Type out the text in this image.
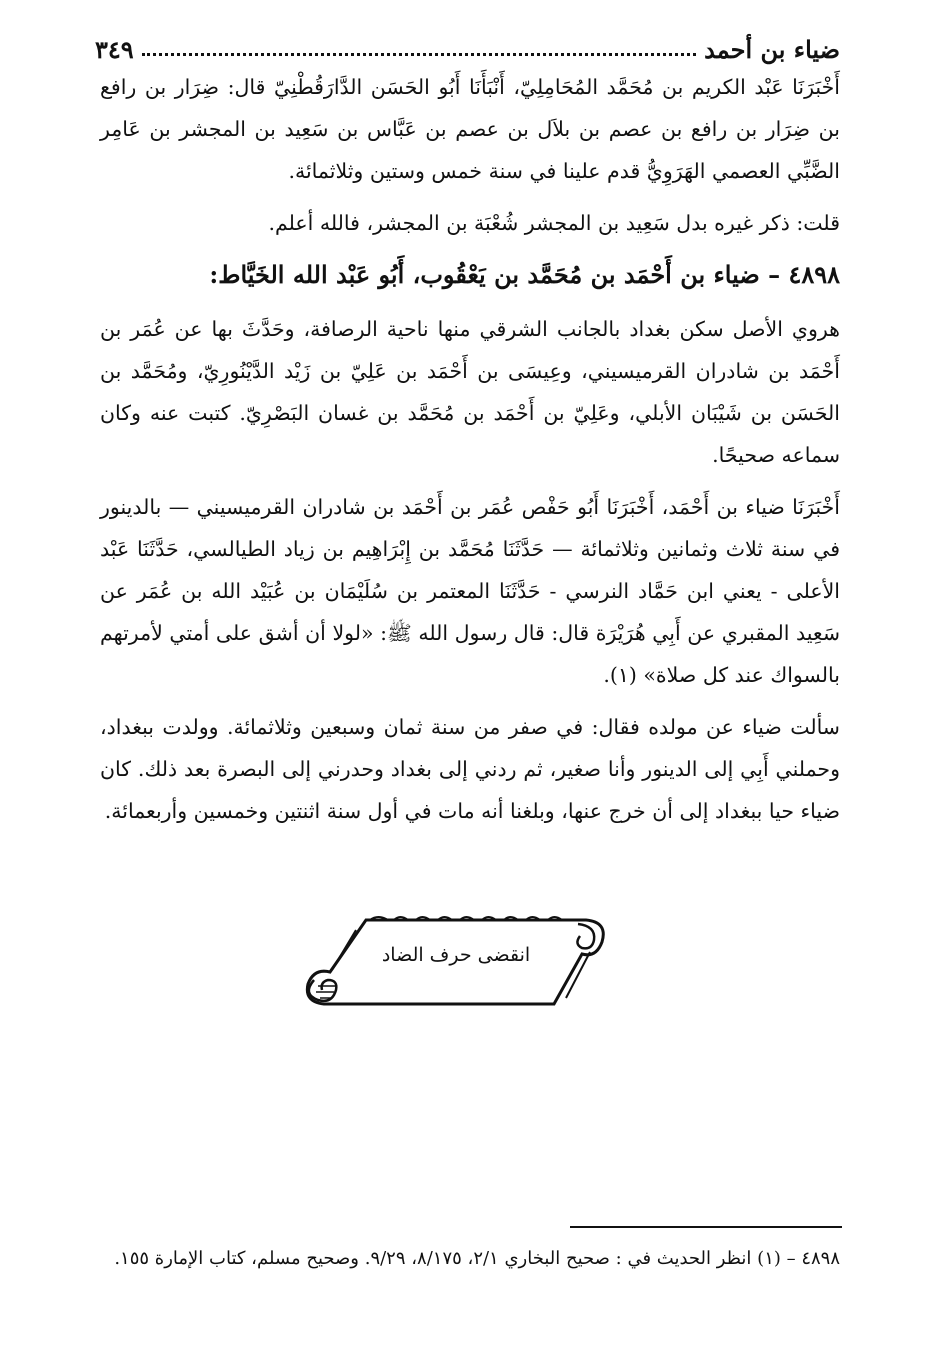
ضياء بن أحمد
٣٤٩

أَخْبَرَنَا عَبْد الكريم بن مُحَمَّد المُحَامِلِيّ، أَنْبَأَنَا أَبُو الحَسَن الدَّارَقُطْنِيّ قال: ضِرَار بن رافع بن ضِرَار بن رافع بن عصم بن بلاَل بن عصم بن عَبَّاس بن سَعِيد بن المجشر بن عَامِر الضَّبِّي العصمي الهَرَوِيُّ قدم علينا في سنة خمس وستين وثلاثمائة.

قلت: ذكر غيره بدل سَعِيد بن المجشر شُعْبَة بن المجشر، فالله أعلم.

٤٨٩٨ – ضياء بن أَحْمَد بن مُحَمَّد بن يَعْقُوب، أَبُو عَبْد الله الخَيَّاط:

هروي الأصل سكن بغداد بالجانب الشرقي منها ناحية الرصافة، وحَدَّثَ بها عن عُمَر بن أَحْمَد بن شادران القرميسيني، وعِيسَى بن أَحْمَد بن عَلِيّ بن زَيْد الدَّيْنُورِيّ، ومُحَمَّد بن الحَسَن بن شَيْبَان الأبلي، وعَلِيّ بن أَحْمَد بن مُحَمَّد بن غسان البَصْرِيّ. كتبت عنه وكان سماعه صحيحًا.

أَخْبَرَنَا ضياء بن أَحْمَد، أَخْبَرَنَا أَبُو حَفْص عُمَر بن أَحْمَد بن شادران القرميسيني — بالدينور في سنة ثلاث وثمانين وثلاثمائة — حَدَّثَنَا مُحَمَّد بن إِبْرَاهِيم بن زياد الطيالسي، حَدَّثَنَا عَبْد الأعلى - يعني ابن حَمَّاد النرسي - حَدَّثَنَا المعتمر بن سُلَيْمَان بن عُبَيْد الله بن عُمَر عن سَعِيد المقبري عن أَبِي هُرَيْرَة قال: قال رسول الله ﷺ: «لولا أن أشق على أمتي لأمرتهم بالسواك عند كل صلاة» (١).

سألت ضياء عن مولده فقال: في صفر من سنة ثمان وسبعين وثلاثمائة. وولدت ببغداد، وحملني أَبِي إلى الدينور وأنا صغير، ثم ردني إلى بغداد وحدرني إلى البصرة بعد ذلك. كان ضياء حيا ببغداد إلى أن خرج عنها، وبلغنا أنه مات في أول سنة اثنتين وخمسين وأربعمائة.

انقضى حرف الضاد
٤٨٩٨ – (١) انظر الحديث في : صحيح البخاري ٢/١، ٨/١٧٥، ٩/٢٩. وصحيح مسلم، كتاب الإمارة ١٥٥.
